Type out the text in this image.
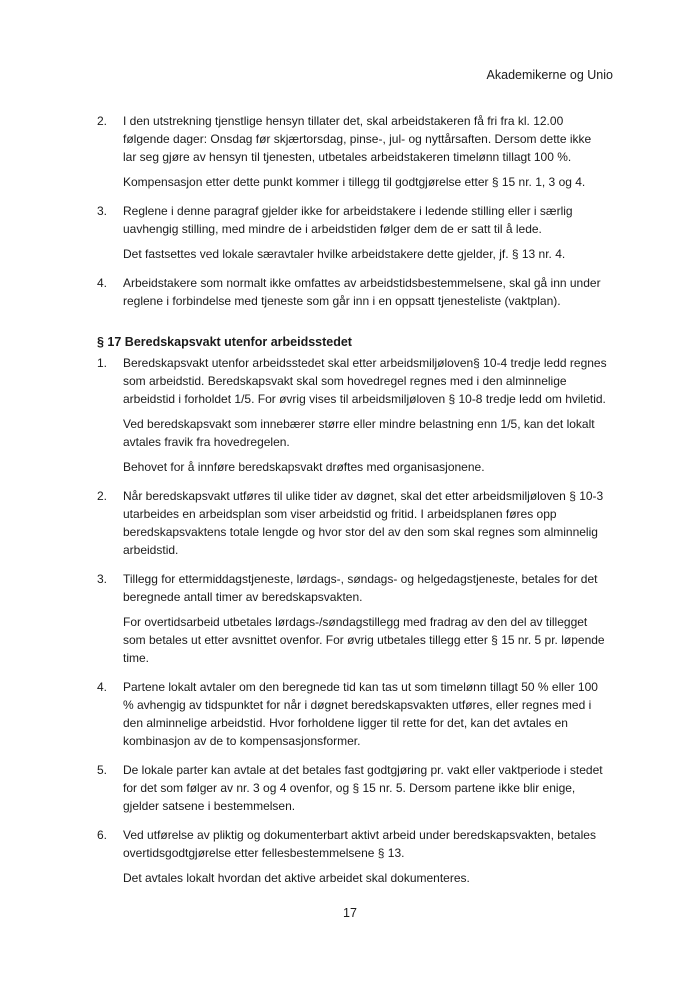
Akademikerne og Unio
2.	I den utstrekning tjenstlige hensyn tillater det, skal arbeidstakeren få fri fra kl. 12.00 følgende dager: Onsdag før skjærtorsdag, pinse-, jul- og nyttårsaften. Dersom dette ikke lar seg gjøre av hensyn til tjenesten, utbetales arbeidstakeren timelønn tillagt 100 %.

Kompensasjon etter dette punkt kommer i tillegg til godtgjørelse etter § 15 nr. 1, 3 og 4.

3.	Reglene i denne paragraf gjelder ikke for arbeidstakere i ledende stilling eller i særlig uavhengig stilling, med mindre de i arbeidstiden følger dem de er satt til å lede.

Det fastsettes ved lokale særavtaler hvilke arbeidstakere dette gjelder, jf. § 13 nr. 4.

4.	Arbeidstakere som normalt ikke omfattes av arbeidstidsbestemmelsene, skal gå inn under reglene i forbindelse med tjeneste som går inn i en oppsatt tjenesteliste (vaktplan).

§ 17 Beredskapsvakt utenfor arbeidsstedet
1.	Beredskapsvakt utenfor arbeidsstedet skal etter arbeidsmiljøloven§ 10-4 tredje ledd regnes som arbeidstid. Beredskapsvakt skal som hovedregel regnes med i den alminnelige arbeidstid i forholdet 1/5. For øvrig vises til arbeidsmiljøloven § 10-8 tredje ledd om hviletid.

Ved beredskapsvakt som innebærer større eller mindre belastning enn 1/5, kan det lokalt avtales fravik fra hovedregelen.

Behovet for å innføre beredskapsvakt drøftes med organisasjonene.

2.	Når beredskapsvakt utføres til ulike tider av døgnet, skal det etter arbeidsmiljøloven § 10-3 utarbeides en arbeidsplan som viser arbeidstid og fritid. I arbeidsplanen føres opp beredskapsvaktens totale lengde og hvor stor del av den som skal regnes som alminnelig arbeidstid.

3.	Tillegg for ettermiddagstjeneste, lørdags-, søndags- og helgedagstjeneste, betales for det beregnede antall timer av beredskapsvakten.

For overtidsarbeid utbetales lørdags-/søndagstillegg med fradrag av den del av tillegget som betales ut etter avsnittet ovenfor. For øvrig utbetales tillegg etter § 15 nr. 5 pr. løpende time.

4.	Partene lokalt avtaler om den beregnede tid kan tas ut som timelønn tillagt 50 % eller 100 % avhengig av tidspunktet for når i døgnet beredskapsvakten utføres, eller regnes med i den alminnelige arbeidstid. Hvor forholdene ligger til rette for det, kan det avtales en kombinasjon av de to kompensasjonsformer.

5.	De lokale parter kan avtale at det betales fast godtgjøring pr. vakt eller vaktperiode i stedet for det som følger av nr. 3 og 4 ovenfor, og § 15 nr. 5. Dersom partene ikke blir enige, gjelder satsene i bestemmelsen.

6.	Ved utførelse av pliktig og dokumenterbart aktivt arbeid under beredskapsvakten, betales overtidsgodtgjørelse etter fellesbestemmelsene § 13.

Det avtales lokalt hvordan det aktive arbeidet skal dokumenteres.

17
